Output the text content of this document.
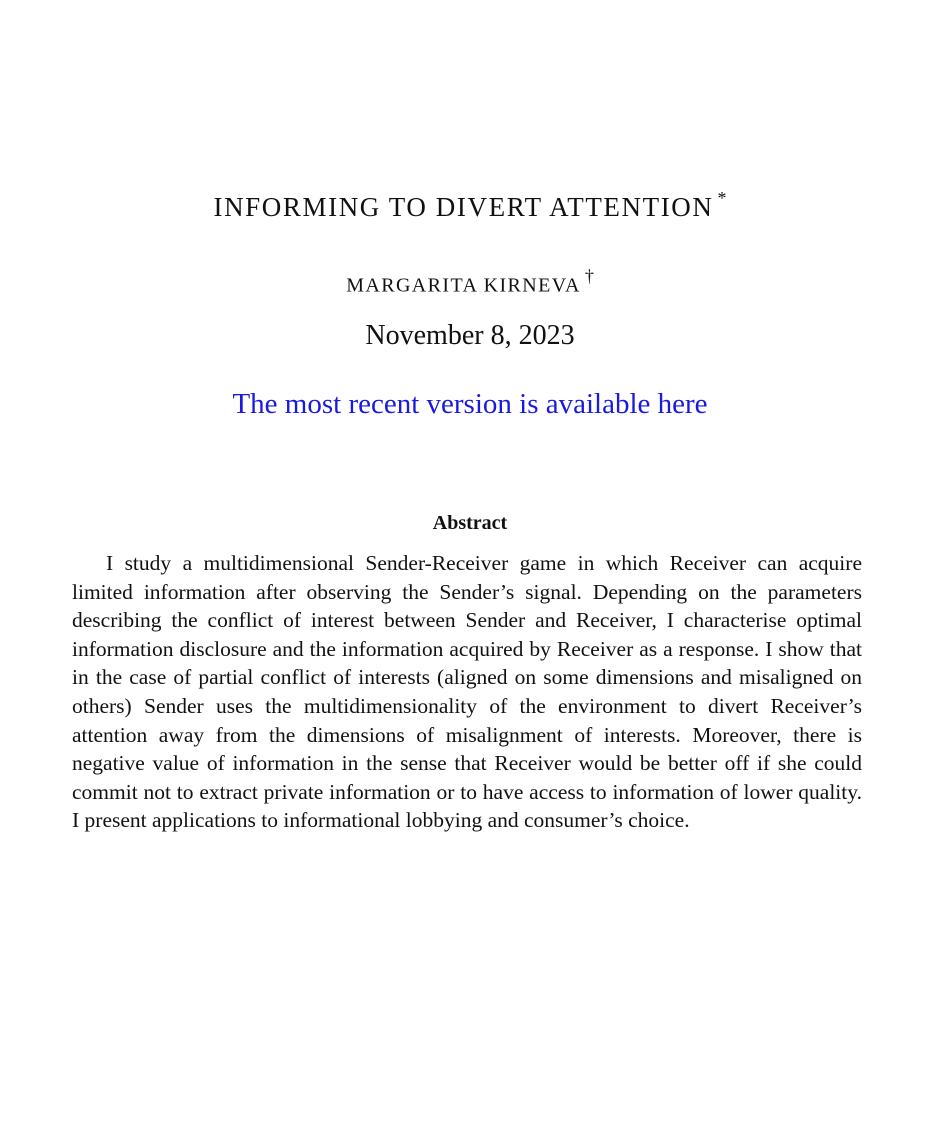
INFORMING TO DIVERT ATTENTION *
MARGARITA KIRNEVA †
November 8, 2023
The most recent version is available here
Abstract

I study a multidimensional Sender-Receiver game in which Receiver can acquire limited information after observing the Sender’s signal. Depending on the parameters describing the conflict of interest between Sender and Receiver, I characterise optimal information disclosure and the information acquired by Receiver as a response. I show that in the case of partial conflict of interests (aligned on some dimensions and misaligned on others) Sender uses the multidimensionality of the environment to divert Receiver’s attention away from the dimensions of misalignment of interests. Moreover, there is negative value of information in the sense that Receiver would be better off if she could commit not to extract private information or to have access to information of lower quality. I present applications to informational lobbying and consumer’s choice.
